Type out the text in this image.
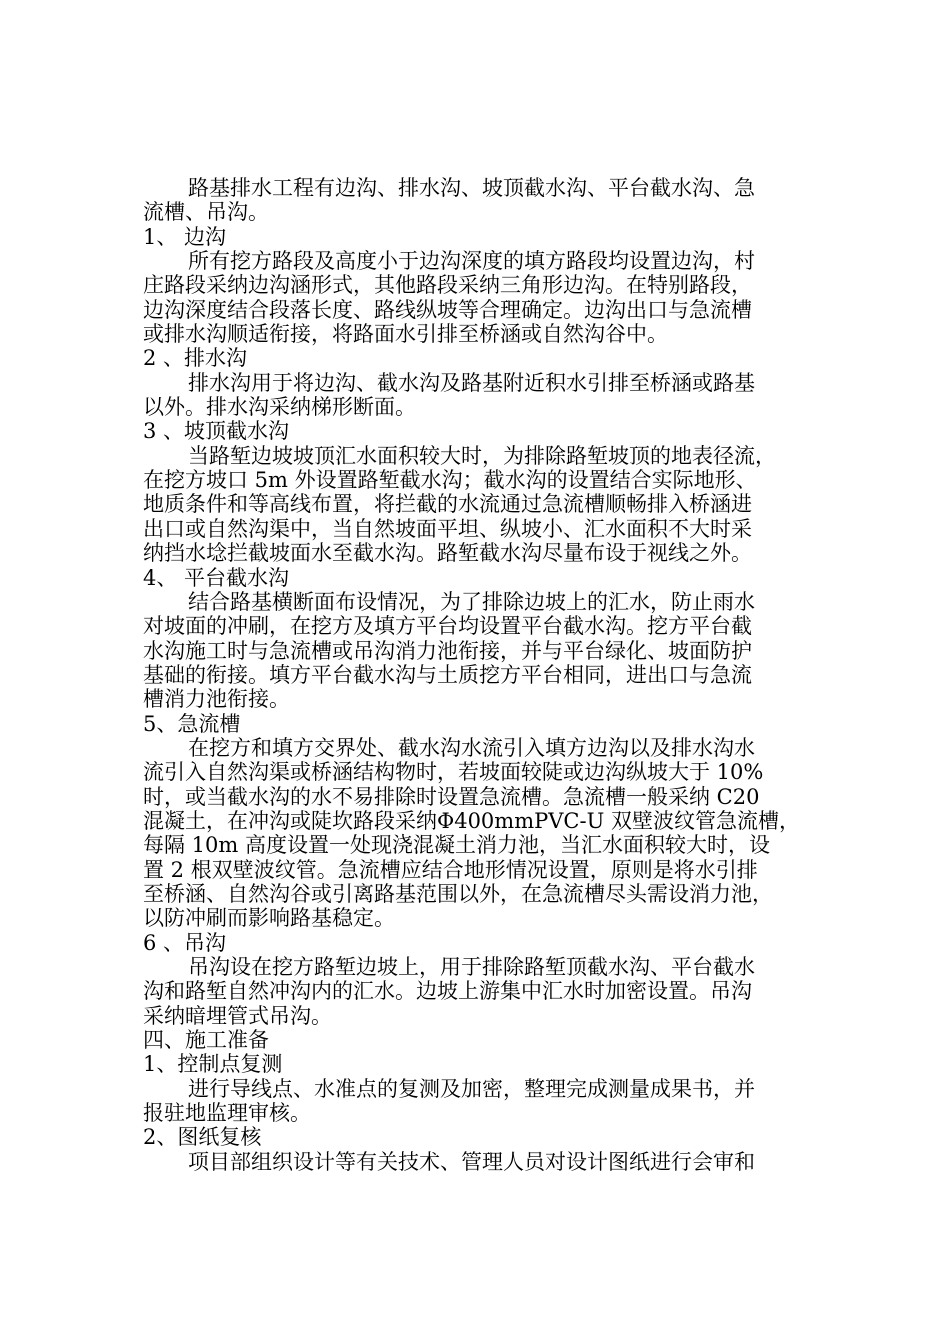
路基排水工程有边沟、排水沟、坡顶截水沟、平台截水沟、急
流槽、吊沟。
1、 边沟
所有挖方路段及高度小于边沟深度的填方路段均设置边沟，村
庄路段采纳边沟涵形式，其他路段采纳三角形边沟。在特别路段，
边沟深度结合段落长度、路线纵坡等合理确定。边沟出口与急流槽
或排水沟顺适衔接，将路面水引排至桥涵或自然沟谷中。
2 、排水沟
排水沟用于将边沟、截水沟及路基附近积水引排至桥涵或路基
以外。排水沟采纳梯形断面。
3 、坡顶截水沟
当路堑边坡坡顶汇水面积较大时，为排除路堑坡顶的地表径流，
在挖方坡口 5m 外设置路堑截水沟；截水沟的设置结合实际地形、
地质条件和等高线布置，将拦截的水流通过急流槽顺畅排入桥涵进
出口或自然沟渠中，当自然坡面平坦、纵坡小、汇水面积不大时采
纳挡水埝拦截坡面水至截水沟。路堑截水沟尽量布设于视线之外。
4、 平台截水沟
结合路基横断面布设情况，为了排除边坡上的汇水，防止雨水
对坡面的冲刷，在挖方及填方平台均设置平台截水沟。挖方平台截
水沟施工时与急流槽或吊沟消力池衔接，并与平台绿化、坡面防护
基础的衔接。填方平台截水沟与土质挖方平台相同，进出口与急流
槽消力池衔接。
5、急流槽
在挖方和填方交界处、截水沟水流引入填方边沟以及排水沟水
流引入自然沟渠或桥涵结构物时，若坡面较陡或边沟纵坡大于 10%
时，或当截水沟的水不易排除时设置急流槽。急流槽一般采纳 C20
混凝土，在冲沟或陡坎路段采纳Φ400mmPVC-U 双壁波纹管急流槽，
每隔 10m 高度设置一处现浇混凝土消力池，当汇水面积较大时，设
置 2 根双壁波纹管。急流槽应结合地形情况设置，原则是将水引排
至桥涵、自然沟谷或引离路基范围以外，在急流槽尽头需设消力池，
以防冲刷而影响路基稳定。
6 、吊沟
吊沟设在挖方路堑边坡上，用于排除路堑顶截水沟、平台截水
沟和路堑自然冲沟内的汇水。边坡上游集中汇水时加密设置。吊沟
采纳暗埋管式吊沟。
四、施工准备
1、控制点复测
进行导线点、水准点的复测及加密，整理完成测量成果书，并
报驻地监理审核。
2、图纸复核
项目部组织设计等有关技术、管理人员对设计图纸进行会审和
